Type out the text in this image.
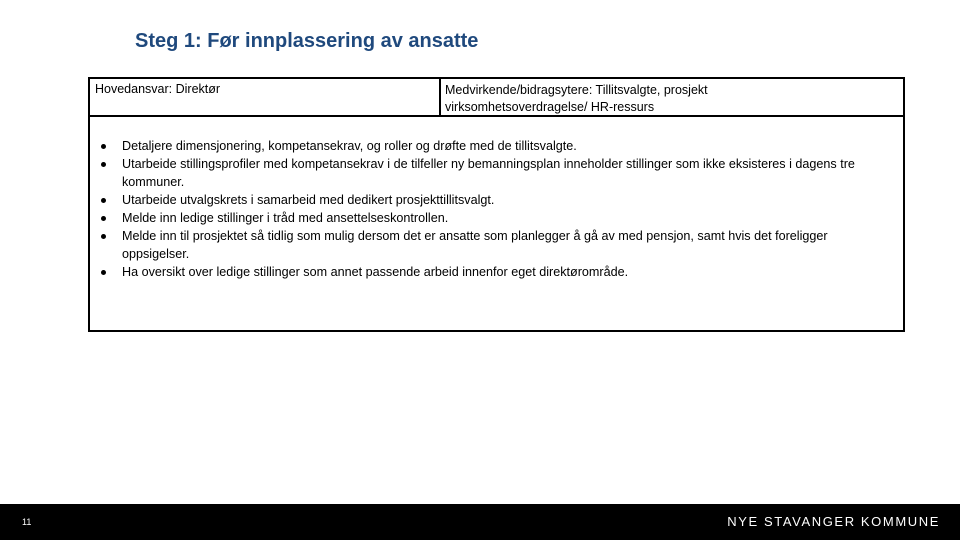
Steg 1: Før innplassering av ansatte
Hovedansvar: Direktør	Medvirkende/bidragsytere: Tillitsvalgte, prosjekt virksomhetsoverdragelse/ HR-ressurs
Detaljere dimensjonering, kompetansekrav, og roller og drøfte med de tillitsvalgte.
Utarbeide stillingsprofiler med kompetansekrav i de tilfeller ny bemanningsplan inneholder stillinger som ikke eksisteres i dagens tre kommuner.
Utarbeide utvalgskrets i samarbeid med dedikert prosjekttillitsvalgt.
Melde inn ledige stillinger i tråd med ansettelseskontrollen.
Melde inn til prosjektet så tidlig som mulig dersom det er ansatte som planlegger å gå av med pensjon, samt hvis det foreligger oppsigelser.
Ha oversikt over ledige stillinger som annet passende arbeid innenfor eget direktørområde.
11	NYE STAVANGER KOMMUNE
